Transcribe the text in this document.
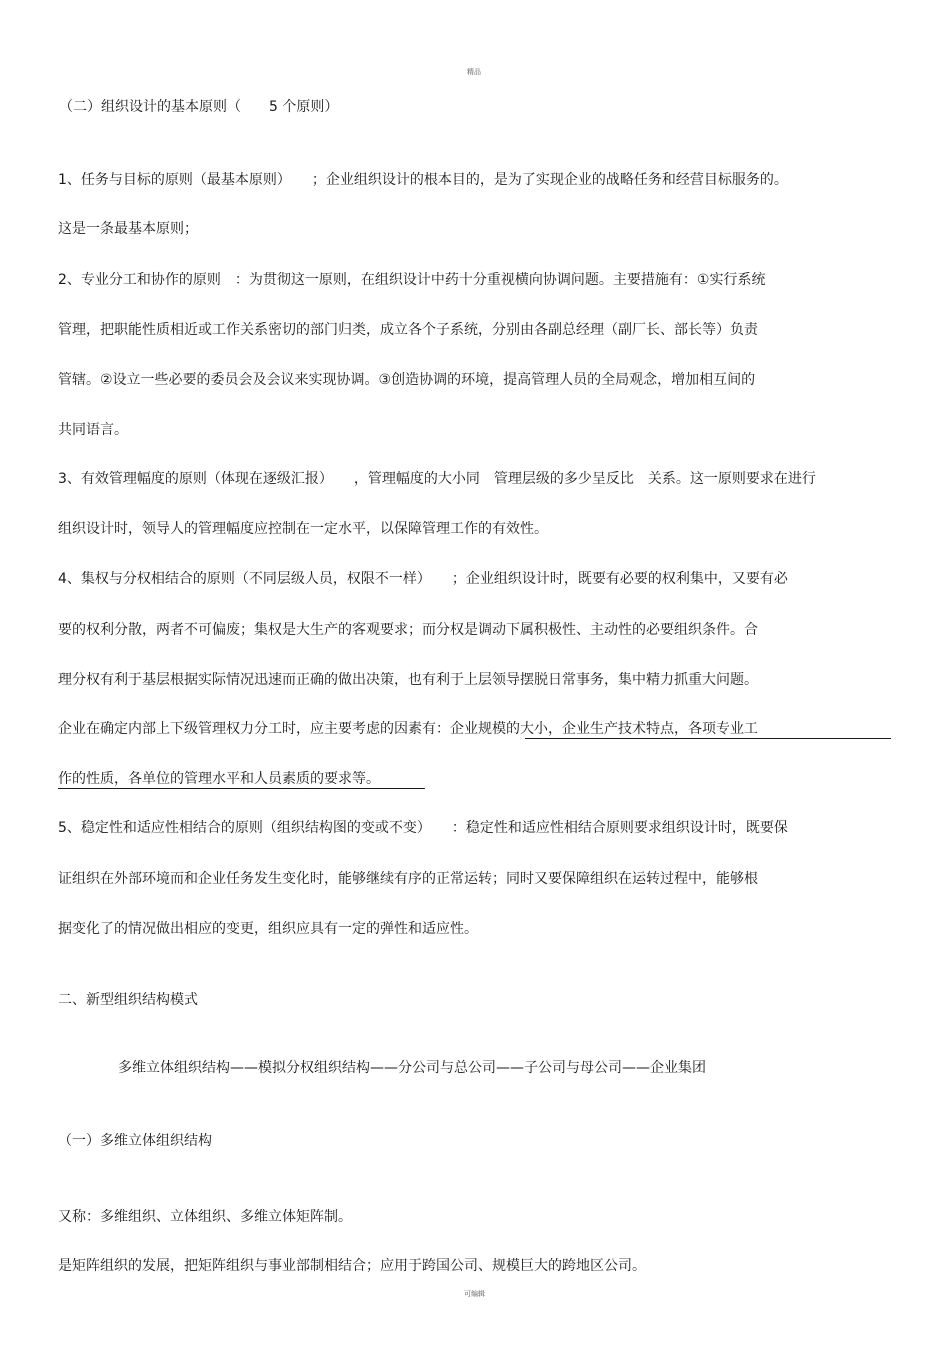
精品
（二）组织设计的基本原则（　　5 个原则）
1、任务与目标的原则（最基本原则）　　；企业组织设计的根本目的，是为了实现企业的战略任务和经营目标服务的。
这是一条最基本原则；
2、专业分工和协作的原则　：为贯彻这一原则，在组织设计中药十分重视横向协调问题。主要措施有：①实行系统
管理，把职能性质相近或工作关系密切的部门归类，成立各个子系统，分别由各副总经理（副厂长、部长等）负责
管辖。②设立一些必要的委员会及会议来实现协调。③创造协调的环境，提高管理人员的全局观念，增加相互间的
共同语言。
3、有效管理幅度的原则（体现在逐级汇报）　　，管理幅度的大小同　管理层级的多少呈反比　关系。这一原则要求在进行
组织设计时，领导人的管理幅度应控制在一定水平，以保障管理工作的有效性。
4、集权与分权相结合的原则（不同层级人员，权限不一样）　　；企业组织设计时，既要有必要的权利集中，又要有必
要的权利分散，两者不可偏废；集权是大生产的客观要求；而分权是调动下属积极性、主动性的必要组织条件。合
理分权有利于基层根据实际情况迅速而正确的做出决策，也有利于上层领导摆脱日常事务，集中精力抓重大问题。
企业在确定内部上下级管理权力分工时，应主要考虑的因素有：企业规模的大小，企业生产技术特点，各项专业工
作的性质，各单位的管理水平和人员素质的要求等。
5、稳定性和适应性相结合的原则（组织结构图的变或不变）　　：稳定性和适应性相结合原则要求组织设计时，既要保
证组织在外部环境而和企业任务发生变化时，能够继续有序的正常运转；同时又要保障组织在运转过程中，能够根
据变化了的情况做出相应的变更，组织应具有一定的弹性和适应性。
二、新型组织结构模式
多维立体组织结构——模拟分权组织结构——分公司与总公司——子公司与母公司——企业集团
（一）多维立体组织结构
又称：多维组织、立体组织、多维立体矩阵制。
是矩阵组织的发展，把矩阵组织与事业部制相结合；应用于跨国公司、规模巨大的跨地区公司。
可编辑
